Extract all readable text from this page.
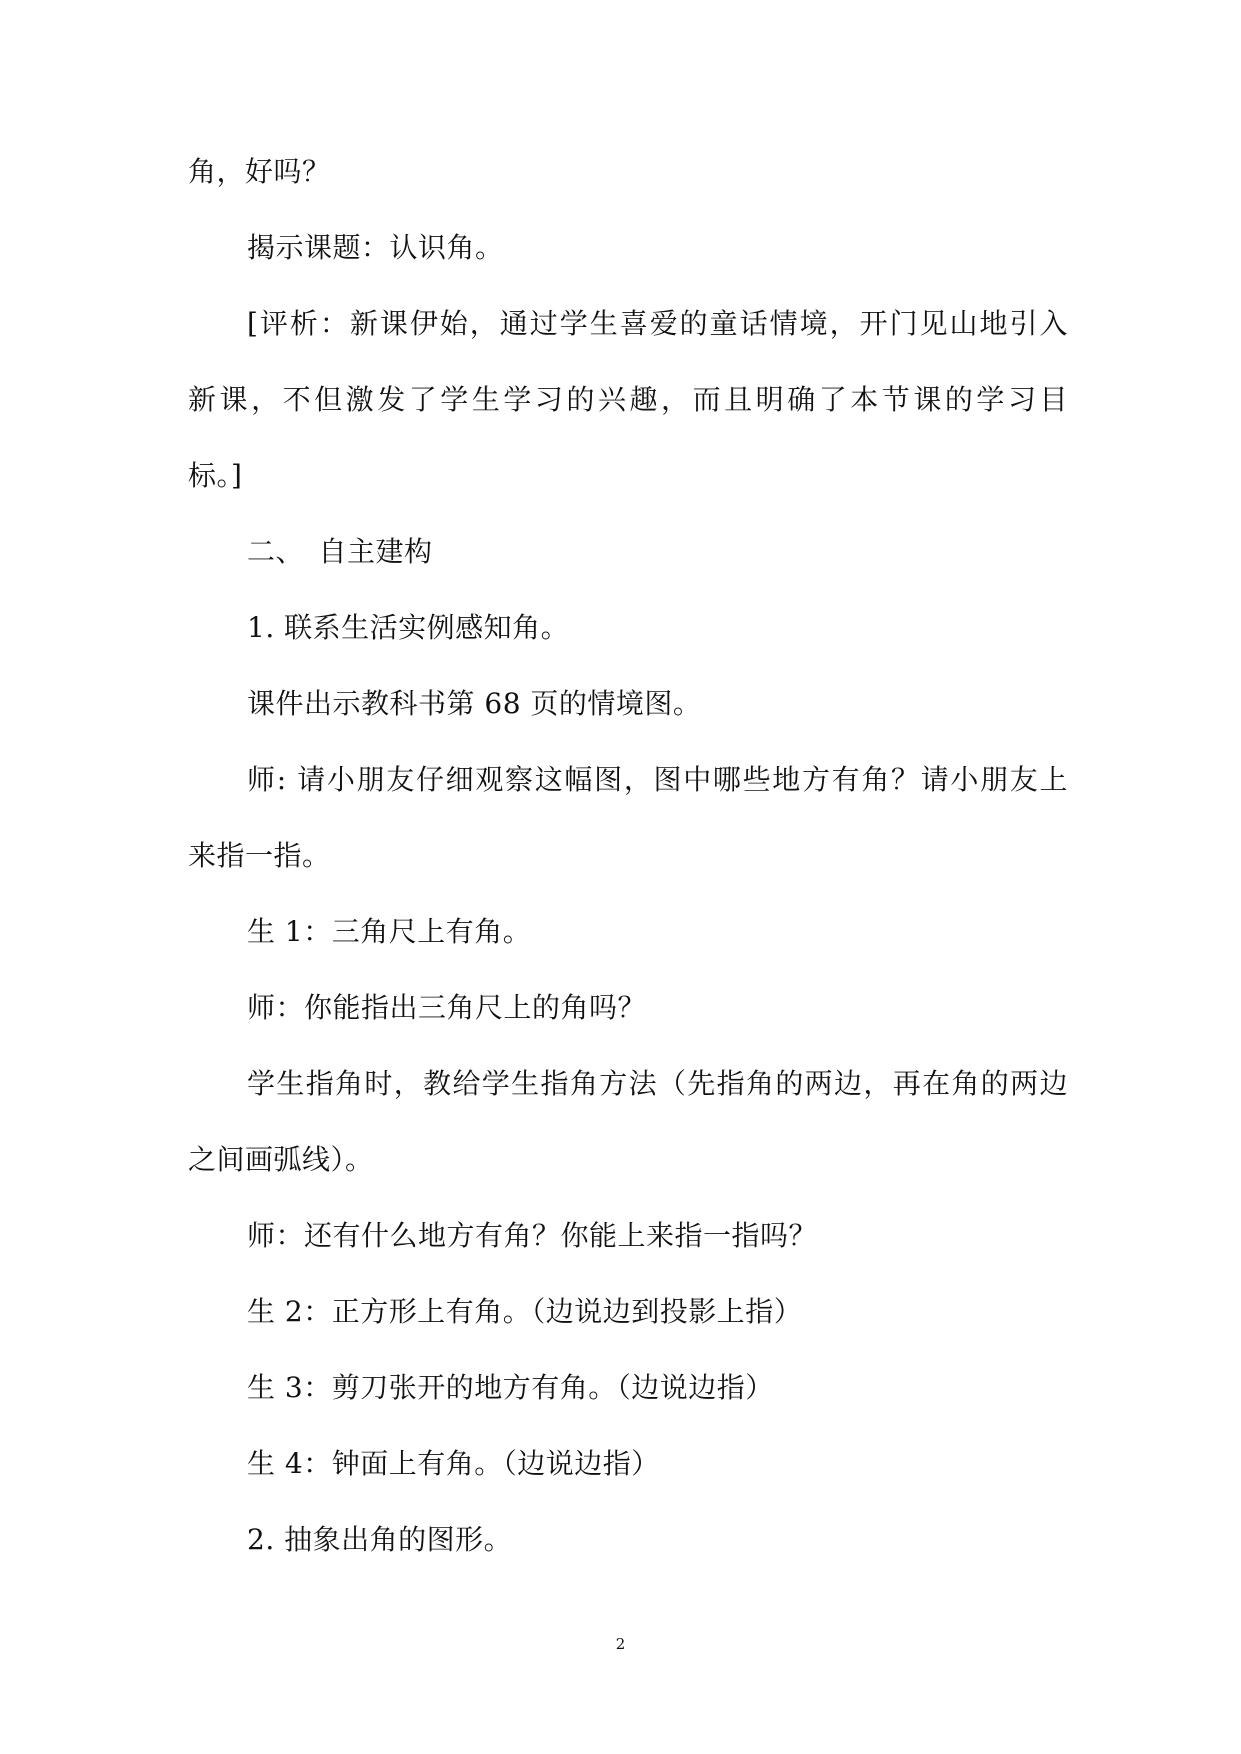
角，好吗？
揭示课题：认识角。
[评析：新课伊始，通过学生喜爱的童话情境，开门见山地引入
新课，不但激发了学生学习的兴趣，而且明确了本节课的学习目
标。]
二、　自主建构
1. 联系生活实例感知角。
课件出示教科书第 68 页的情境图。
师: 请小朋友仔细观察这幅图，图中哪些地方有角？请小朋友上
来指一指。
生 1：三角尺上有角。
师：你能指出三角尺上的角吗？
学生指角时，教给学生指角方法（先指角的两边，再在角的两边
之间画弧线）。
师：还有什么地方有角？你能上来指一指吗？
生 2：正方形上有角。（边说边到投影上指）
生 3：剪刀张开的地方有角。（边说边指）
生 4：钟面上有角。（边说边指）
2. 抽象出角的图形。
2
